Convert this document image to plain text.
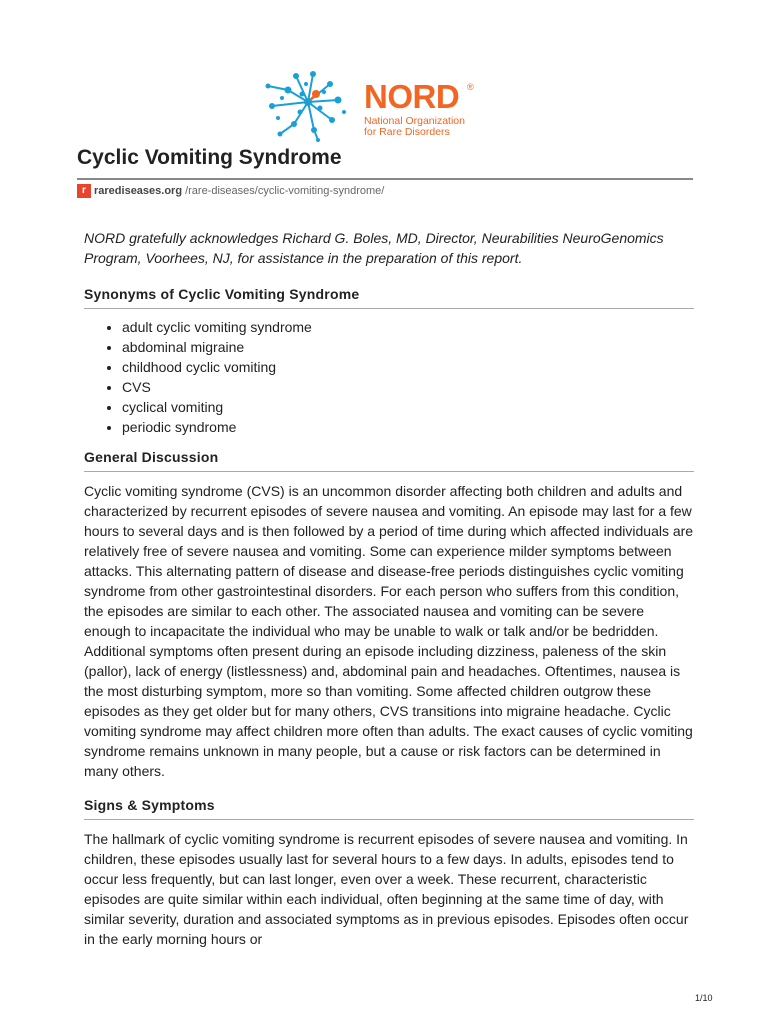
NORD ®
National Organization
for Rare Disorders
Cyclic Vomiting Syndrome
r rarediseases.org /rare-diseases/cyclic-vomiting-syndrome/

NORD gratefully acknowledges Richard G. Boles, MD, Director, Neurabilities NeuroGenomics Program, Voorhees, NJ, for assistance in the preparation of this report.

Synonyms of Cyclic Vomiting Syndrome
• adult cyclic vomiting syndrome
• abdominal migraine
• childhood cyclic vomiting
• CVS
• cyclical vomiting
• periodic syndrome
General Discussion

Cyclic vomiting syndrome (CVS) is an uncommon disorder affecting both children and adults and characterized by recurrent episodes of severe nausea and vomiting. An episode may last for a few hours to several days and is then followed by a period of time during which affected individuals are relatively free of severe nausea and vomiting. Some can experience milder symptoms between attacks. This alternating pattern of disease and disease-free periods distinguishes cyclic vomiting syndrome from other gastrointestinal disorders. For each person who suffers from this condition, the episodes are similar to each other. The associated nausea and vomiting can be severe enough to incapacitate the individual who may be unable to walk or talk and/or be bedridden. Additional symptoms often present during an episode including dizziness, paleness of the skin (pallor), lack of energy (listlessness) and, abdominal pain and headaches. Oftentimes, nausea is the most disturbing symptom, more so than vomiting. Some affected children outgrow these episodes as they get older but for many others, CVS transitions into migraine headache. Cyclic vomiting syndrome may affect children more often than adults. The exact causes of cyclic vomiting syndrome remains unknown in many people, but a cause or risk factors can be determined in many others.

Signs & Symptoms

The hallmark of cyclic vomiting syndrome is recurrent episodes of severe nausea and vomiting. In children, these episodes usually last for several hours to a few days. In adults, episodes tend to occur less frequently, but can last longer, even over a week. These recurrent, characteristic episodes are quite similar within each individual, often beginning at the same time of day, with similar severity, duration and associated symptoms as in previous episodes. Episodes often occur in the early morning hours or

1/10
